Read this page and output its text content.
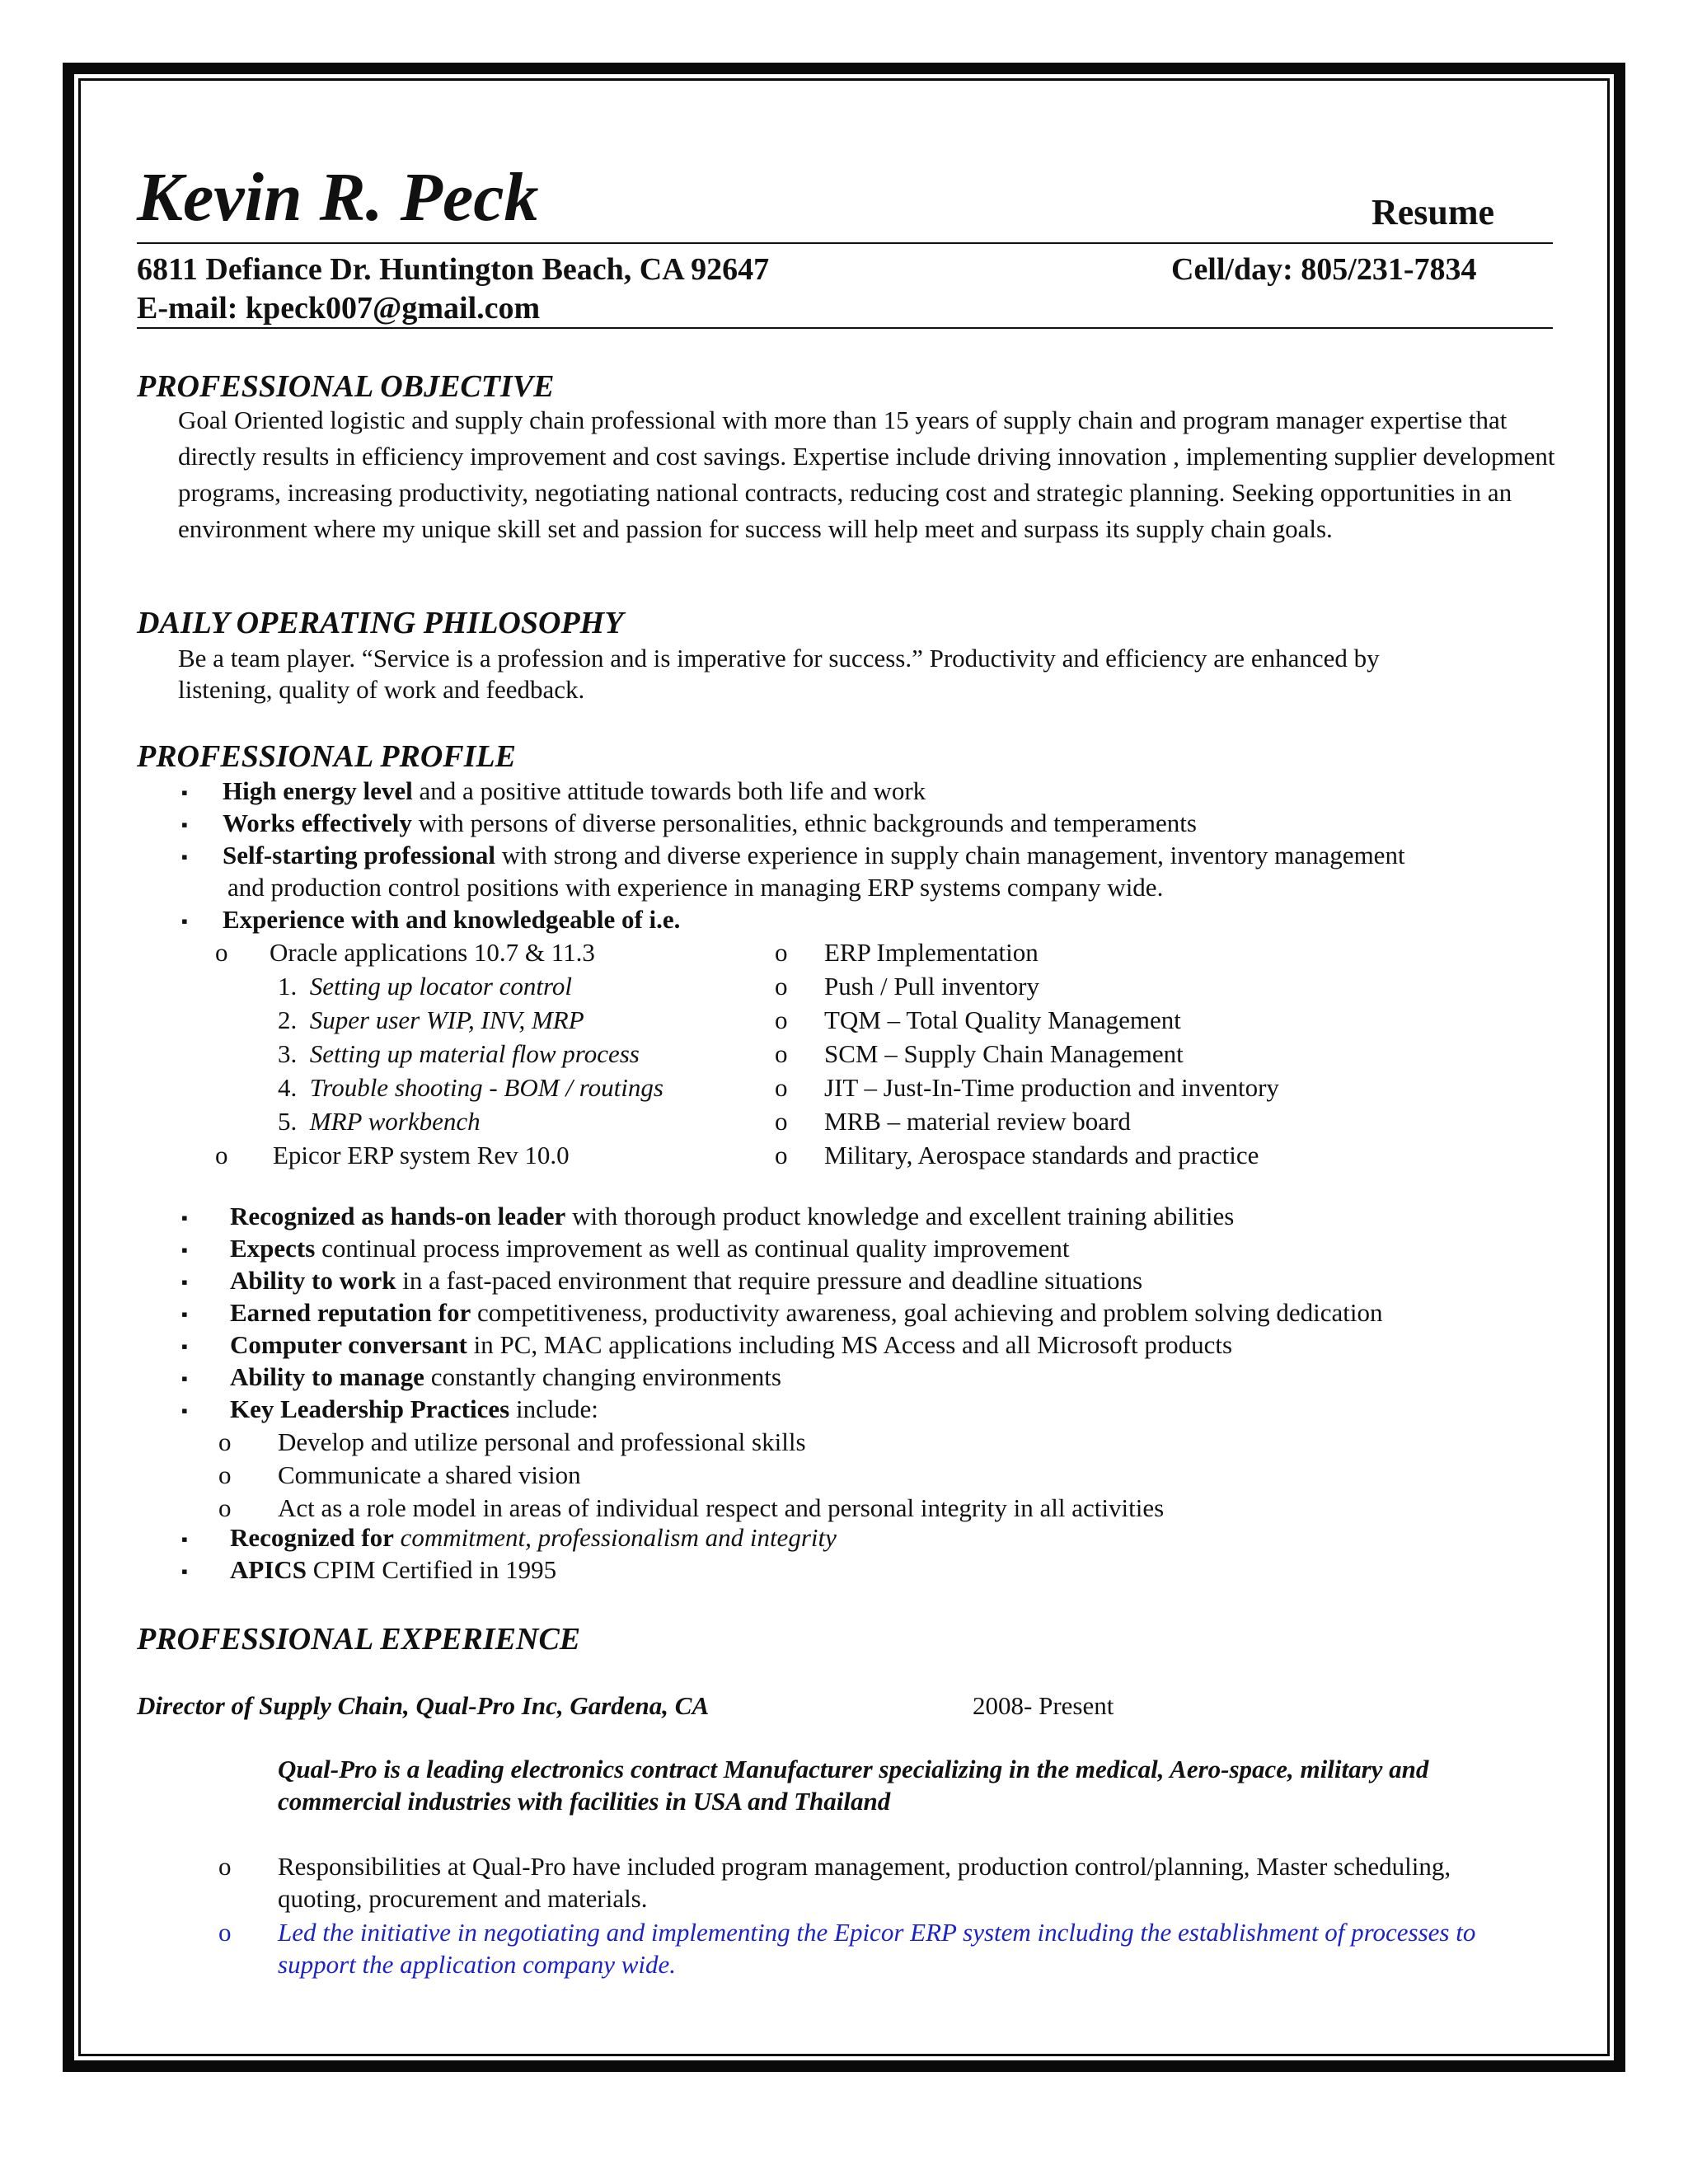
Kevin R. Peck	Resume
6811 Defiance Dr. Huntington Beach, CA 92647	Cell/day: 805/231-7834
E-mail: kpeck007@gmail.com
PROFESSIONAL OBJECTIVE
Goal Oriented logistic and supply chain professional with more than 15 years of supply chain and program manager expertise that directly results in efficiency improvement and cost savings. Expertise include driving innovation , implementing supplier development programs, increasing productivity, negotiating national contracts, reducing cost and strategic planning. Seeking opportunities in an environment where my unique skill set and passion for success will help meet and surpass its supply chain goals.
DAILY OPERATING PHILOSOPHY
Be a team player. “Service is a profession and is imperative for success.” Productivity and efficiency are enhanced by
listening, quality of work and feedback.
PROFESSIONAL PROFILE
▪ High energy level and a positive attitude towards both life and work
▪ Works effectively with persons of diverse personalities, ethnic backgrounds and temperaments
▪ Self-starting professional with strong and diverse experience in supply chain management, inventory management
and production control positions with experience in managing ERP systems company wide.
▪ Experience with and knowledgeable of i.e.
o Oracle applications 10.7 & 11.3
1.  Setting up locator control
2.  Super user WIP, INV, MRP
3.  Setting up material flow process
4.  Trouble shooting - BOM / routings
5.  MRP workbench
o Epicor ERP system Rev 10.0
o ERP Implementation
o Push / Pull inventory
o TQM – Total Quality Management
o SCM – Supply Chain Management
o JIT – Just-In-Time production and inventory
o MRB – material review board
o Military, Aerospace standards and practice
▪ Recognized as hands-on leader with thorough product knowledge and excellent training abilities
▪ Expects continual process improvement as well as continual quality improvement
▪ Ability to work in a fast-paced environment that require pressure and deadline situations
▪ Earned reputation for competitiveness, productivity awareness, goal achieving and problem solving dedication
▪ Computer conversant in PC, MAC applications including MS Access and all Microsoft products
▪ Ability to manage constantly changing environments
▪ Key Leadership Practices include:
o Develop and utilize personal and professional skills
o Communicate a shared vision
o Act as a role model in areas of individual respect and personal integrity in all activities
▪ Recognized for commitment, professionalism and integrity
▪ APICS CPIM Certified in 1995
PROFESSIONAL EXPERIENCE
Director of Supply Chain, Qual-Pro Inc, Gardena, CA	2008- Present
Qual-Pro is a leading electronics contract Manufacturer specializing in the medical, Aero-space, military and
commercial industries with facilities in USA and Thailand
o Responsibilities at Qual-Pro have included program management, production control/planning, Master scheduling,
quoting, procurement and materials.
o Led the initiative in negotiating and implementing the Epicor ERP system including the establishment of processes to
support the application company wide.
